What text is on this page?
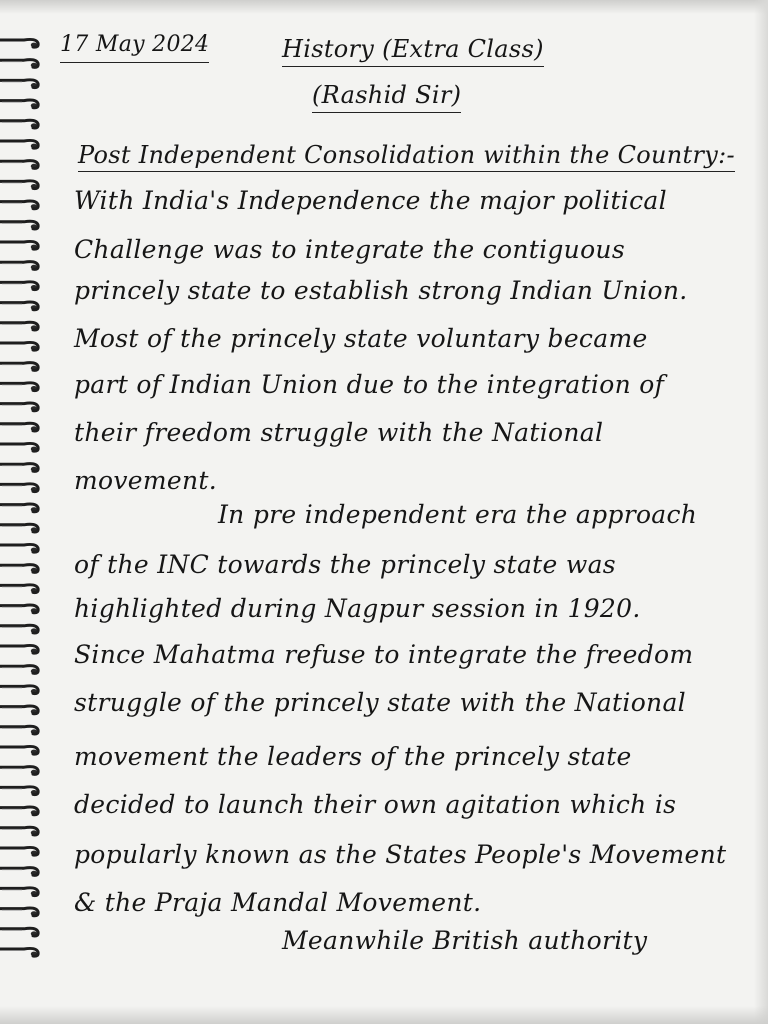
17 May 2024	History (Extra Class)
(Rashid Sir)
Post Independent Consolidation within the Country:-
With India's Independence the major political
Challenge was to integrate the contiguous
princely state to establish strong Indian Union.
Most of the princely state voluntary became
part of Indian Union due to the integration of
their freedom struggle with the National
movement.
In pre independent era the approach
of the INC towards the princely state was
highlighted during Nagpur session in 1920.
Since Mahatma refuse to integrate the freedom
struggle of the princely state with the National
movement the leaders of the princely state
decided to launch their own agitation which is
popularly known as the States People's Movement
& the Praja Mandal Movement.
Meanwhile British authority
